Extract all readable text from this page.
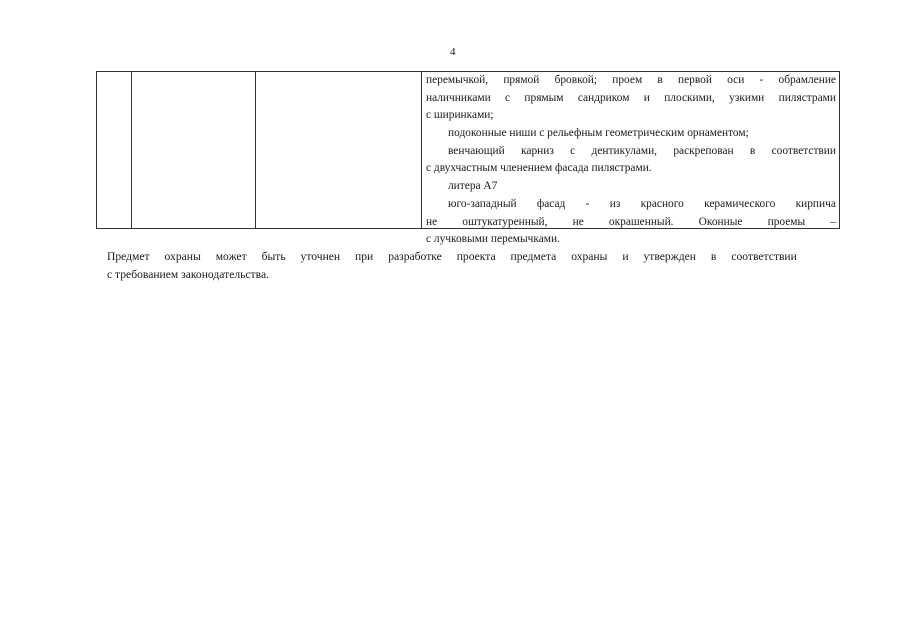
4
перемычкой, прямой бровкой; проем в первой оси - обрамление
наличниками с прямым сандриком и плоскими, узкими пилястрами
с ширинками;
подоконные ниши с рельефным геометрическим орнаментом;
венчающий карниз с дентикулами, раскрепован в соответствии
с двухчастным членением фасада пилястрами.
литера А7
юго-западный фасад - из красного керамического кирпича
не оштукатуренный, не окрашенный. Оконные проемы –
с лучковыми перемычками.
Предмет охраны может быть уточнен при разработке проекта предмета охраны и утвержден в соответствии
с требованием законодательства.
